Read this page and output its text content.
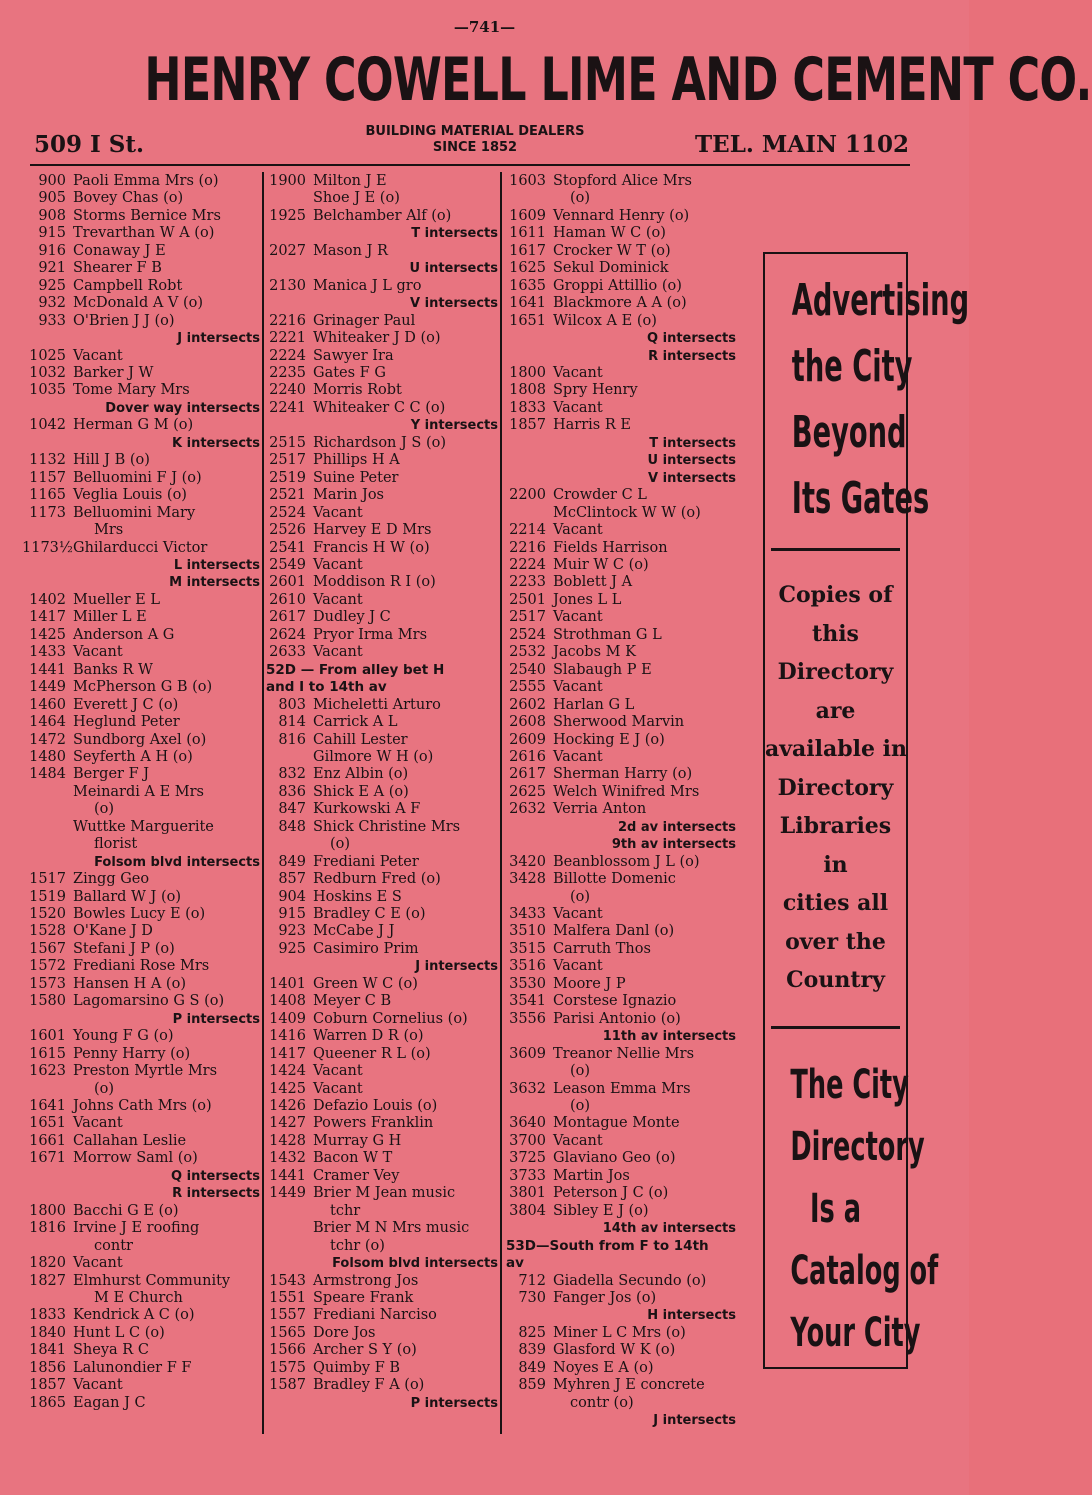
—741—
HENRY COWELL LIME AND CEMENT CO.
509 I St.	BUILDING MATERIAL DEALERS
SINCE 1852	TEL. MAIN 1102
900 Paoli Emma Mrs (o)
905 Bovey Chas (o)
908 Storms Bernice Mrs
915 Trevarthan W A (o)
916 Conaway J E
921 Shearer F B
925 Campbell Robt
932 McDonald A V (o)
933 O'Brien J J (o)
J intersects
1025 Vacant
1032 Barker J W
1035 Tome Mary Mrs
Dover way intersects
1042 Herman G M (o)
K intersects
1132 Hill J B (o)
1157 Belluomini F J (o)
1165 Veglia Louis (o)
1173 Belluomini Mary
Mrs
1173½ Ghilarducci Victor
L intersects
M intersects
1402 Mueller E L
1417 Miller L E
1425 Anderson A G
1433 Vacant
1441 Banks R W
1449 McPherson G B (o)
1460 Everett J C (o)
1464 Heglund Peter
1472 Sundborg Axel (o)
1480 Seyferth A H (o)
1484 Berger F J
Meinardi A E Mrs
(o)
Wuttke Marguerite
florist
Folsom blvd intersects
1517 Zingg Geo
1519 Ballard W J (o)
1520 Bowles Lucy E (o)
1528 O'Kane J D
1567 Stefani J P (o)
1572 Frediani Rose Mrs
1573 Hansen H A (o)
1580 Lagomarsino G S (o)
P intersects
1601 Young F G (o)
1615 Penny Harry (o)
1623 Preston Myrtle Mrs
(o)
1641 Johns Cath Mrs (o)
1651 Vacant
1661 Callahan Leslie
1671 Morrow Saml (o)
Q intersects
R intersects
1800 Bacchi G E (o)
1816 Irvine J E roofing
contr
1820 Vacant
1827 Elmhurst Community
M E Church
1833 Kendrick A C (o)
1840 Hunt L C (o)
1841 Sheya R C
1856 Lalunondier F F
1857 Vacant
1865 Eagan J C
1900 Milton J E
Shoe J E (o)
1925 Belchamber Alf (o)
T intersects
2027 Mason J R
U intersects
2130 Manica J L gro
V intersects
2216 Grinager Paul
2221 Whiteaker J D (o)
2224 Sawyer Ira
2235 Gates F G
2240 Morris Robt
2241 Whiteaker C C (o)
Y intersects
2515 Richardson J S (o)
2517 Phillips H A
2519 Suine Peter
2521 Marin Jos
2524 Vacant
2526 Harvey E D Mrs
2541 Francis H W (o)
2549 Vacant
2601 Moddison R I (o)
2610 Vacant
2617 Dudley J C
2624 Pryor Irma Mrs
2633 Vacant
52D — From alley bet H
and I to 14th av
803 Micheletti Arturo
814 Carrick A L
816 Cahill Lester
Gilmore W H (o)
832 Enz Albin (o)
836 Shick E A (o)
847 Kurkowski A F
848 Shick Christine Mrs
(o)
849 Frediani Peter
857 Redburn Fred (o)
904 Hoskins E S
915 Bradley C E (o)
923 McCabe J J
925 Casimiro Prim
J intersects
1401 Green W C (o)
1408 Meyer C B
1409 Coburn Cornelius (o)
1416 Warren D R (o)
1417 Queener R L (o)
1424 Vacant
1425 Vacant
1426 Defazio Louis (o)
1427 Powers Franklin
1428 Murray G H
1432 Bacon W T
1441 Cramer Vey
1449 Brier M Jean music
tchr
Brier M N Mrs music
tchr (o)
Folsom blvd intersects
1543 Armstrong Jos
1551 Speare Frank
1557 Frediani Narciso
1565 Dore Jos
1566 Archer S Y (o)
1575 Quimby F B
1587 Bradley F A (o)
P intersects
1603 Stopford Alice Mrs
(o)
1609 Vennard Henry (o)
1611 Haman W C (o)
1617 Crocker W T (o)
1625 Sekul Dominick
1635 Groppi Attillio (o)
1641 Blackmore A A (o)
1651 Wilcox A E (o)
Q intersects
R intersects
1800 Vacant
1808 Spry Henry
1833 Vacant
1857 Harris R E
T intersects
U intersects
V intersects
2200 Crowder C L
McClintock W W (o)
2214 Vacant
2216 Fields Harrison
2224 Muir W C (o)
2233 Boblett J A
2501 Jones L L
2517 Vacant
2524 Strothman G L
2532 Jacobs M K
2540 Slabaugh P E
2555 Vacant
2602 Harlan G L
2608 Sherwood Marvin
2609 Hocking E J (o)
2616 Vacant
2617 Sherman Harry (o)
2625 Welch Winifred Mrs
2632 Verria Anton
2d av intersects
9th av intersects
3420 Beanblossom J L (o)
3428 Billotte Domenic
(o)
3433 Vacant
3510 Malfera Danl (o)
3515 Carruth Thos
3516 Vacant
3530 Moore J P
3541 Corstese Ignazio
3556 Parisi Antonio (o)
11th av intersects
3609 Treanor Nellie Mrs
(o)
3632 Leason Emma Mrs
(o)
3640 Montague Monte
3700 Vacant
3725 Glaviano Geo (o)
3733 Martin Jos
3801 Peterson J C (o)
3804 Sibley E J (o)
14th av intersects
53D—South from F to 14th
av
712 Giadella Secundo (o)
730 Fanger Jos (o)
H intersects
825 Miner L C Mrs (o)
839 Glasford W K (o)
849 Noyes E A (o)
859 Myhren J E concrete
contr (o)
J intersects
Advertising
the City
Beyond
Its Gates
Copies of
this
Directory
are
available in
Directory
Libraries
in
cities all
over the
Country
The City
Directory
Is a
Catalog of
Your City
